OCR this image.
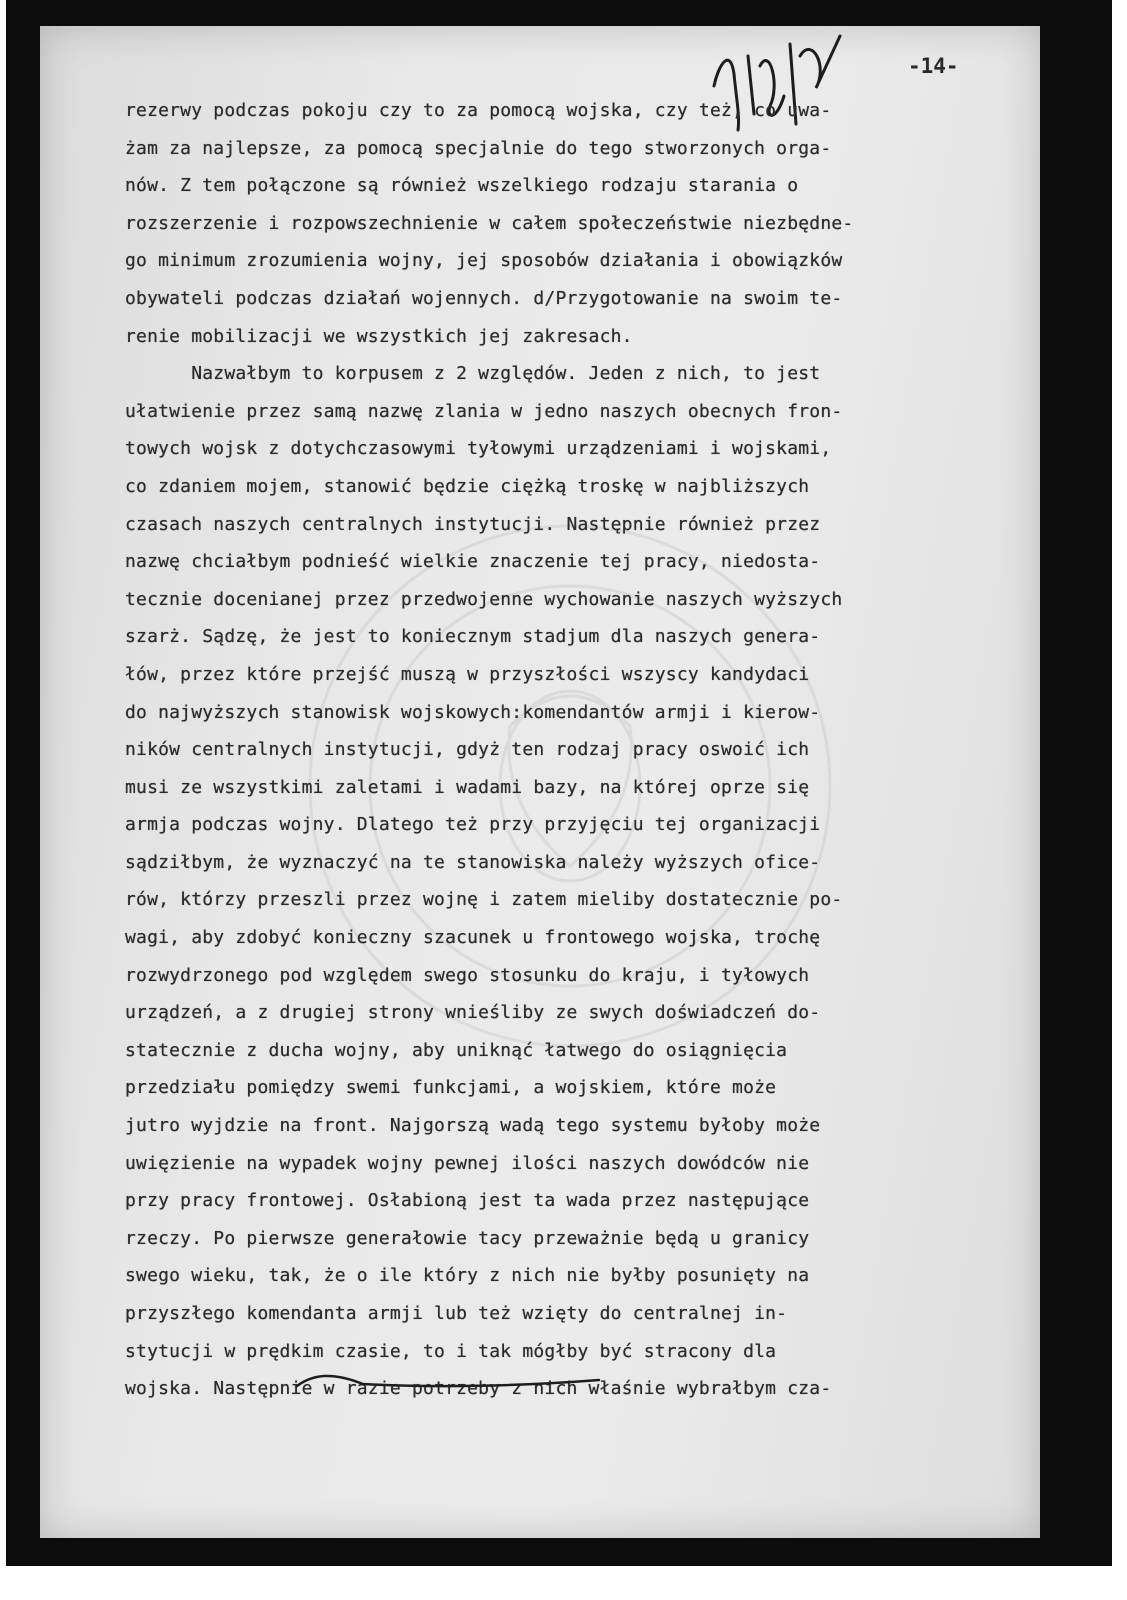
-14-
rezerwy podczas pokoju czy to za pomocą wojska, czy też, co uwa-
żam za najlepsze, za pomocą specjalnie do tego stworzonych orga-
nów. Z tem połączone są również wszelkiego rodzaju starania o
rozszerzenie i rozpowszechnienie w całem społeczeństwie niezbędne-
go minimum zrozumienia wojny, jej sposobów działania i obowiązków
obywateli podczas działań wojennych. d/Przygotowanie na swoim te-
renie mobilizacji we wszystkich jej zakresach.
Nazwałbym to korpusem z 2 względów. Jeden z nich, to jest
ułatwienie przez samą nazwę zlania w jedno naszych obecnych fron-
towych wojsk z dotychczasowymi tyłowymi urządzeniami i wojskami,
co zdaniem mojem, stanowić będzie ciężką troskę w najbliższych
czasach naszych centralnych instytucji. Następnie również przez
nazwę chciałbym podnieść wielkie znaczenie tej pracy, niedosta-
tecznie docenianej przez przedwojenne wychowanie naszych wyższych
szarż. Sądzę, że jest to koniecznym stadjum dla naszych genera-
łów, przez które przejść muszą w przyszłości wszyscy kandydaci
do najwyższych stanowisk wojskowych:komendantów armji i kierow-
ników centralnych instytucji, gdyż ten rodzaj pracy oswoić ich
musi ze wszystkimi zaletami i wadami bazy, na której oprze się
armja podczas wojny. Dlatego też przy przyjęciu tej organizacji
sądziłbym, że wyznaczyć na te stanowiska należy wyższych ofice-
rów, którzy przeszli przez wojnę i zatem mieliby dostatecznie po-
wagi, aby zdobyć konieczny szacunek u frontowego wojska, trochę
rozwydrzonego pod względem swego stosunku do kraju, i tyłowych
urządzeń, a z drugiej strony wnieśliby ze swych doświadczeń do-
statecznie z ducha wojny, aby uniknąć łatwego do osiągnięcia
przedziału pomiędzy swemi funkcjami, a wojskiem, które może
jutro wyjdzie na front. Najgorszą wadą tego systemu byłoby może
uwięzienie na wypadek wojny pewnej ilości naszych dowódców nie
przy pracy frontowej. Osłabioną jest ta wada przez następujące
rzeczy. Po pierwsze generałowie tacy przeważnie będą u granicy
swego wieku, tak, że o ile który z nich nie byłby posunięty na
przyszłego komendanta armji lub też wzięty do centralnej in-
stytucji w prędkim czasie, to i tak mógłby być stracony dla
wojska. Następnie w razie potrzeby z nich właśnie wybrałbym cza-
